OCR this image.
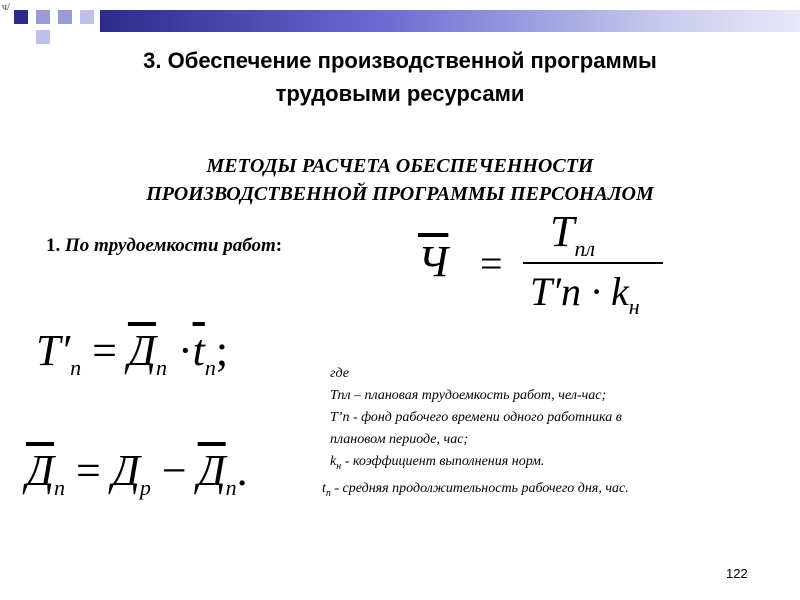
ч/
3. Обеспечение производственной программы
трудовыми ресурсами
МЕТОДЫ РАСЧЕТА ОБЕСПЕЧЕННОСТИ
ПРОИЗВОДСТВЕННОЙ ПРОГРАММЫ ПЕРСОНАЛОМ
1. По трудоемкости работ:	Ч =
$T_{пл}$
$T'n \cdot k_н$
$T'_n = Д_n \cdot\overline{t}_n$;
$Д_n = Д_p - Д_n$.
где
Тпл – плановая трудоемкость работ, чел-час;
Т’п - фонд рабочего времени одного работника в
плановом периоде, час;
$k_н$ - коэффициент выполнения норм.
$t_n$ - средняя продолжительность рабочего дня, час.
122
